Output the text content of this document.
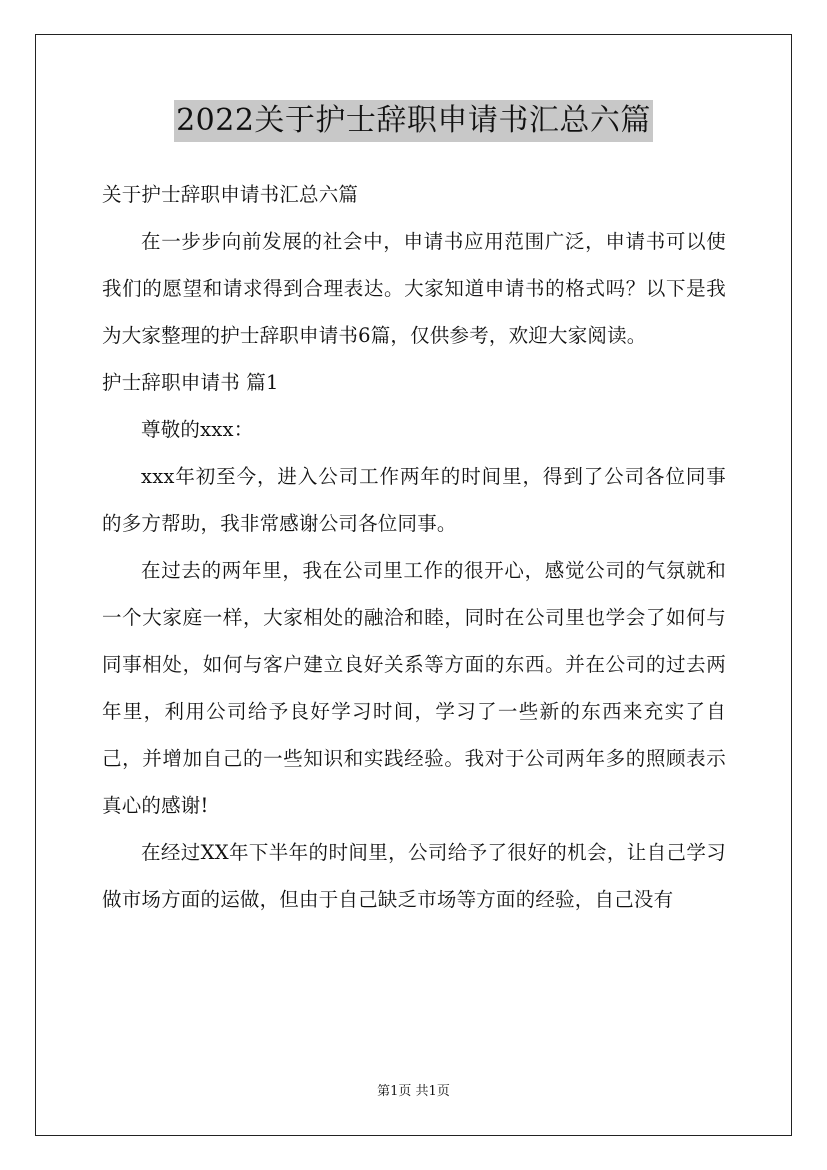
2022关于护士辞职申请书汇总六篇

关于护士辞职申请书汇总六篇

在一步步向前发展的社会中，申请书应用范围广泛，申请书可以使我们的愿望和请求得到合理表达。大家知道申请书的格式吗？以下是我为大家整理的护士辞职申请书6篇，仅供参考，欢迎大家阅读。

护士辞职申请书 篇1

尊敬的xxx：

xxx年初至今，进入公司工作两年的时间里，得到了公司各位同事的多方帮助，我非常感谢公司各位同事。

在过去的两年里，我在公司里工作的很开心，感觉公司的气氛就和一个大家庭一样，大家相处的融洽和睦，同时在公司里也学会了如何与同事相处，如何与客户建立良好关系等方面的东西。并在公司的过去两年里，利用公司给予良好学习时间，学习了一些新的东西来充实了自己，并增加自己的一些知识和实践经验。我对于公司两年多的照顾表示真心的感谢!

在经过XX年下半年的时间里，公司给予了很好的机会，让自己学习做市场方面的运做，但由于自己缺乏市场等方面的经验，自己没有

第1页 共1页
